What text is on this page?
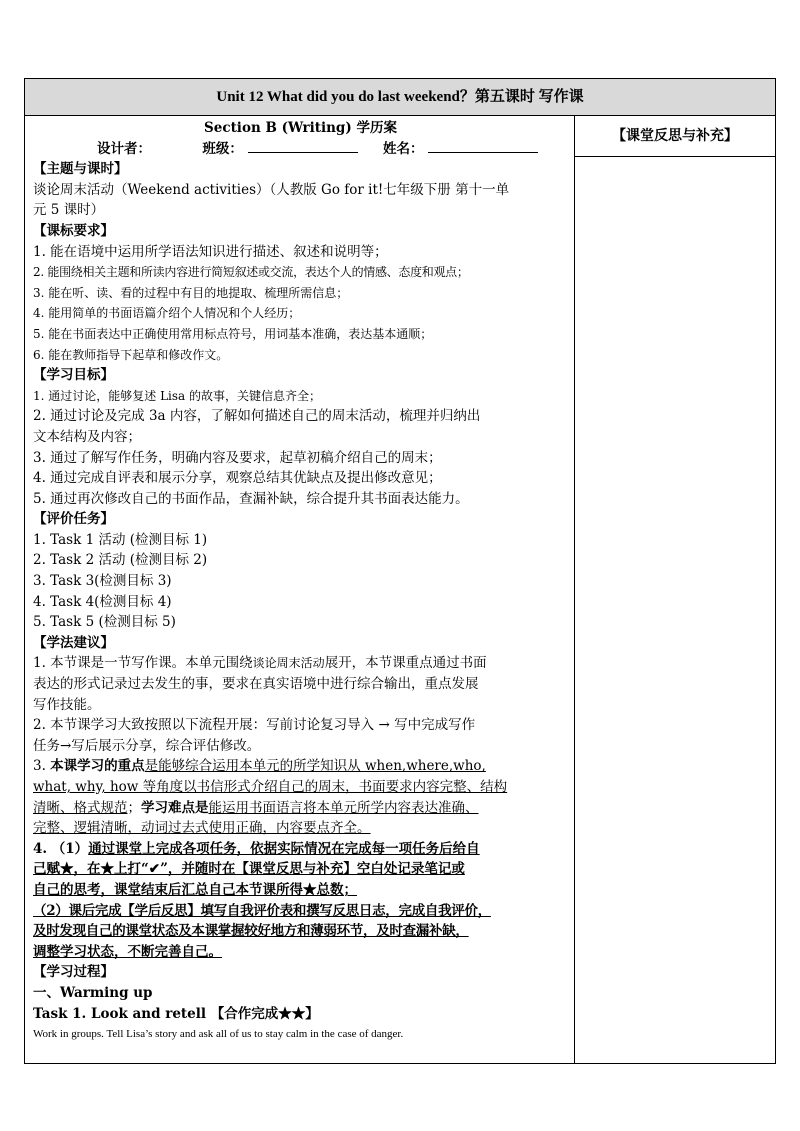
Unit 12 What did you do last weekend？第五课时 写作课
Section B (Writing) 学历案
设计者：	班级：	姓名：
【主题与课时】
谈论周末活动（Weekend activities）（人教版 Go for it!七年级下册 第十一单
元 5 课时）
【课标要求】
1. 能在语境中运用所学语法知识进行描述、叙述和说明等；
2. 能围绕相关主题和所读内容进行简短叙述或交流，表达个人的情感、态度和观点；
3. 能在听、读、看的过程中有目的地提取、梳理所需信息；
4. 能用简单的书面语篇介绍个人情况和个人经历；
5. 能在书面表达中正确使用常用标点符号，用词基本准确，表达基本通顺；
6. 能在教师指导下起草和修改作文。
【学习目标】
1. 通过讨论，能够复述 Lisa 的故事，关键信息齐全；
2. 通过讨论及完成 3a 内容，了解如何描述自己的周末活动，梳理并归纳出
文本结构及内容；
3. 通过了解写作任务，明确内容及要求，起草初稿介绍自己的周末；
4. 通过完成自评表和展示分享，观察总结其优缺点及提出修改意见；
5. 通过再次修改自己的书面作品，查漏补缺，综合提升其书面表达能力。
【评价任务】
1. Task 1 活动 (检测目标 1)
2. Task 2 活动 (检测目标 2)
3. Task 3(检测目标 3)
4. Task 4(检测目标 4)
5. Task 5 (检测目标 5)
【学法建议】
1. 本节课是一节写作课。本单元围绕谈论周末活动展开，本节课重点通过书面
表达的形式记录过去发生的事，要求在真实语境中进行综合输出，重点发展
写作技能。
2. 本节课学习大致按照以下流程开展：写前讨论复习导入 → 写中完成写作
任务→写后展示分享，综合评估修改。
3. 本课学习的重点是能够综合运用本单元的所学知识从 when,where,who,
what, why, how 等角度以书信形式介绍自己的周末，书面要求内容完整、结构
清晰、格式规范；学习难点是能运用书面语言将本单元所学内容表达准确、
完整、逻辑清晰，动词过去式使用正确，内容要点齐全。
4. （1）通过课堂上完成各项任务，依据实际情况在完成每一项任务后给自
己赋★，在★上打“✔”，并随时在【课堂反思与补充】空白处记录笔记或
自己的思考，课堂结束后汇总自己本节课所得★总数；
（2）课后完成【学后反思】填写自我评价表和撰写反思日志，完成自我评价，
及时发现自己的课堂状态及本课掌握较好地方和薄弱环节，及时查漏补缺，
调整学习状态，不断完善自己。
【学习过程】
一、Warming up
Task 1. Look and retell 【合作完成★★】
Work in groups. Tell Lisa’s story and ask all of us to stay calm in the case of danger.
【课堂反思与补充】
